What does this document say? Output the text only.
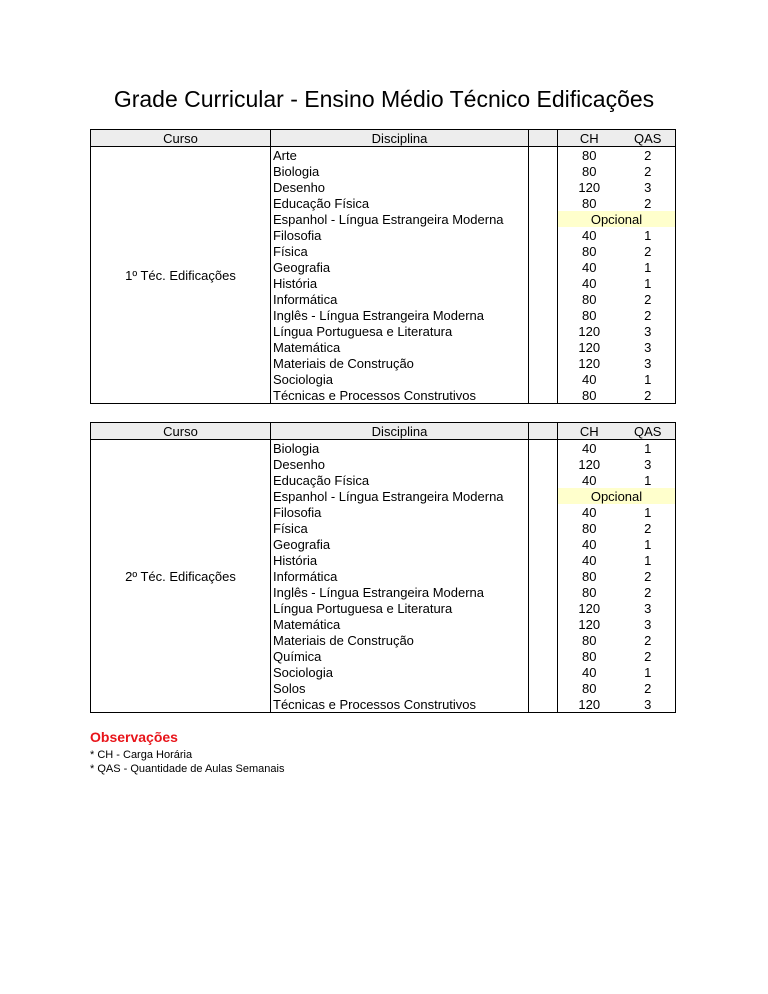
Grade Curricular - Ensino Médio Técnico Edificações
Curso	Disciplina		CH	QAS
1º Téc. Edificações	Arte		80	2
	Biologia		80	2
	Desenho		120	3
	Educação Física		80	2
	Espanhol - Língua Estrangeira Moderna		Opcional	
	Filosofia		40	1
	Física		80	2
	Geografia		40	1
	História		40	1
	Informática		80	2
	Inglês - Língua Estrangeira Moderna		80	2
	Língua Portuguesa e Literatura		120	3
	Matemática		120	3
	Materiais de Construção		120	3
	Sociologia		40	1
	Técnicas e Processos Construtivos		80	2
Curso	Disciplina		CH	QAS
2º Téc. Edificações	Biologia		40	1
	Desenho		120	3
	Educação Física		40	1
	Espanhol - Língua Estrangeira Moderna		Opcional	
	Filosofia		40	1
	Física		80	2
	Geografia		40	1
	História		40	1
	Informática		80	2
	Inglês - Língua Estrangeira Moderna		80	2
	Língua Portuguesa e Literatura		120	3
	Matemática		120	3
	Materiais de Construção		80	2
	Química		80	2
	Sociologia		40	1
	Solos		80	2
	Técnicas e Processos Construtivos		120	3
Observações
* CH - Carga Horária
* QAS - Quantidade de Aulas Semanais
